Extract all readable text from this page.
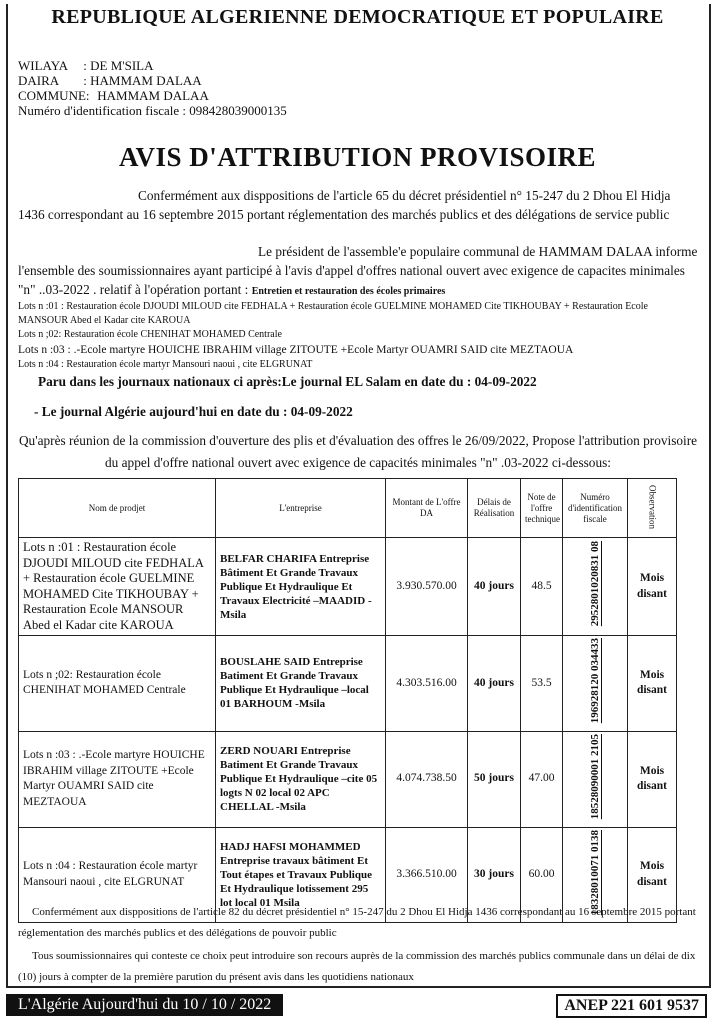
REPUBLIQUE ALGERIENNE DEMOCRATIQUE ET POPULAIRE
WILAYA : DE M'SILA
DAIRA : HAMMAM DALAA
COMMUNE: HAMMAM DALAA
Numéro d'identification fiscale : 098428039000135
AVIS D'ATTRIBUTION PROVISOIRE
Confermément aux disppositions de l'article 65 du décret présidentiel n° 15-247 du 2 Dhou El Hidja 1436 correspondant au 16 septembre 2015 portant réglementation des marchés publics et des délégations de service public
Le président de l'assemble'e populaire communal de HAMMAM DALAA informe l'ensemble des soumissionnaires ayant participé à l'avis d'appel d'offres national ouvert avec exigence de capacites minimales "n" ..03-2022 . relatif à l'opération portant : Entretien et restauration des écoles primaires
Lots n :01 : Restauration école DJOUDI MILOUD cite FEDHALA + Restauration école GUELMINE MOHAMED Cite TIKHOUBAY + Restauration Ecole MANSOUR Abed el Kadar cite KAROUA
Lots n ;02: Restauration école CHENIHAT MOHAMED Centrale
Lots n :03 : .-Ecole martyre HOUICHE IBRAHIM village ZITOUTE +Ecole Martyr OUAMRI SAID cite MEZTAOUA
Lots n :04 : Restauration école martyr Mansouri naoui , cite ELGRUNAT
Paru dans les journaux nationaux ci après:Le journal EL Salam en date du : 04-09-2022
- Le journal Algérie aujourd'hui en date du : 04-09-2022
Qu'après réunion de la commission d'ouverture des plis et d'évaluation des offres le 26/09/2022, Propose l'attribution provisoire du appel d'offre national ouvert avec exigence de capacités minimales "n" .03-2022 ci-dessous:
Nom de prodjet	L'entreprise	Montant de L'offre DA	Délais de Réalisation	Note de l'offre technique	Numéro d'identification fiscale	Observation
Lots n :01 : Restauration école DJOUDI MILOUD cite FEDHALA + Restauration école GUELMINE MOHAMED Cite TIKHOUBAY + Restauration Ecole MANSOUR Abed el Kadar cite KAROUA	BELFAR CHARIFA Entreprise Bâtiment Et Grande Travaux Publique Et Hydraulique Et Travaux Electricité –MAADID -Msila	3.930.570.00	40 jours	48.5	2952801020831 08	Mois disant
Lots n ;02: Restauration école CHENIHAT MOHAMED Centrale	BOUSLAHE SAID Entreprise Batiment Et Grande Travaux Publique Et Hydraulique –local 01 BARHOUM -Msila	4.303.516.00	40 jours	53.5	196928120 034433	Mois disant
Lots n :03 : .-Ecole martyre HOUICHE IBRAHIM village ZITOUTE +Ecole Martyr OUAMRI SAID cite MEZTAOUA	ZERD NOUARI Entreprise Batiment Et Grande Travaux Publique Et Hydraulique –cite 05 logts N 02 local 02 APC CHELLAL -Msila	4.074.738.50	50 jours	47.00	18528090001 2105	Mois disant
Lots n :04 : Restauration école martyr Mansouri naoui , cite ELGRUNAT	HADJ HAFSI MOHAMMED Entreprise travaux bâtiment Et Tout étapes et Travaux Publique Et Hydraulique lotissement 295 lot local 01 Msila	3.366.510.00	30 jours	60.00	18328010071 0138	Mois disant
Confermément aux disppositions de l'article 82 du décret présidentiel n° 15-247 du 2 Dhou El Hidja 1436 correspondant au 16 septembre 2015 portant réglementation des marchés publics et des délégations de pouvoir public
Tous soumissionnaires qui conteste ce choix peut introduire son recours auprès de la commission des marchés publics communale dans un délai de dix (10) jours à compter de la première parution du présent avis dans les quotidiens nationaux
L'Algérie Aujourd'hui du 10 / 10 / 2022	ANEP 221 601 9537
